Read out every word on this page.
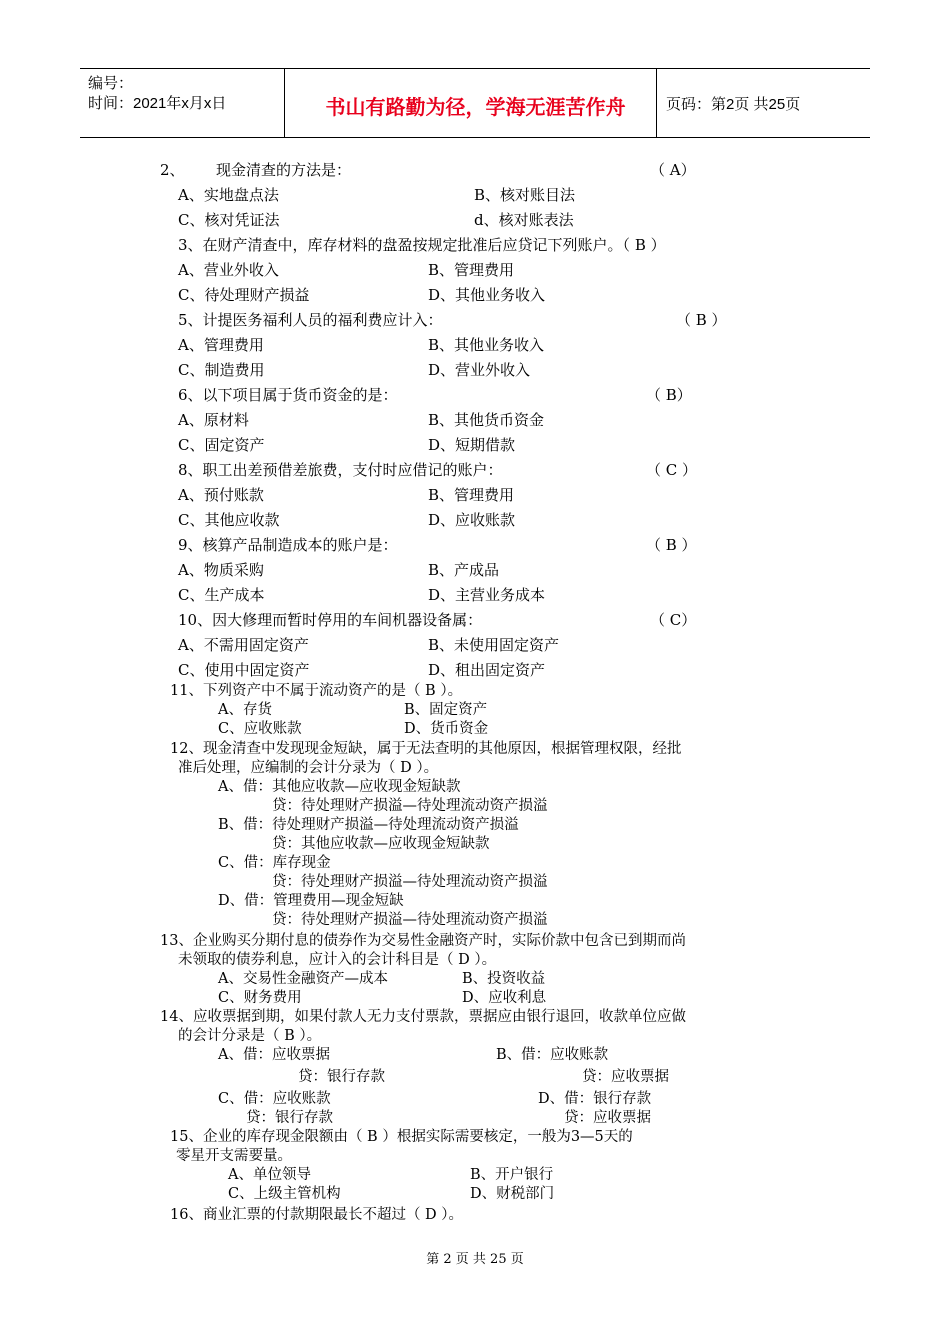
编号：
时间：2021年x月x日	书山有路勤为径，学海无涯苦作舟	页码：第2页 共25页
2、 现金清查的方法是：	（ A）
A、实地盘点法	B、核对账目法
C、核对凭证法	d、核对账表法
3、在财产清查中，库存材料的盘盈按规定批准后应贷记下列账户。（ B ）
A、营业外收入	B、管理费用
C、待处理财产损益	D、其他业务收入
5、计提医务福利人员的福利费应计入：	（ B ）
A、管理费用	B、其他业务收入
C、制造费用	D、营业外收入
6、以下项目属于货币资金的是：	（ B）
A、原材料	B、其他货币资金
C、固定资产	D、短期借款
8、职工出差预借差旅费，支付时应借记的账户：	（ C ）
A、预付账款	B、管理费用
C、其他应收款	D、应收账款
9、核算产品制造成本的账户是：	（ B ）
A、物质采购	B、产成品
C、生产成本	D、主营业务成本
10、因大修理而暂时停用的车间机器设备属：	（ C）
A、不需用固定资产	B、未使用固定资产
C、使用中固定资产	D、租出固定资产
11、下列资产中不属于流动资产的是（ B ）。
A、存货	B、固定资产
C、应收账款	D、货币资金
12、现金清查中发现现金短缺，属于无法查明的其他原因，根据管理权限，经批
准后处理，应编制的会计分录为（ D ）。
A、借：其他应收款—应收现金短缺款
贷：待处理财产损溢—待处理流动资产损溢
B、借：待处理财产损溢—待处理流动资产损溢
贷：其他应收款—应收现金短缺款
C、借：库存现金
贷：待处理财产损溢—待处理流动资产损溢
D、借：管理费用—现金短缺
贷：待处理财产损溢—待处理流动资产损溢
13、企业购买分期付息的债券作为交易性金融资产时，实际价款中包含已到期而尚
未领取的债券利息，应计入的会计科目是（ D ）。
A、交易性金融资产—成本	B、投资收益
C、财务费用	D、应收利息
14、应收票据到期，如果付款人无力支付票款，票据应由银行退回，收款单位应做
的会计分录是（ B ）。
A、借：应收票据	B、借：应收账款
贷：银行存款	贷：应收票据
C、借：应收账款	D、借：银行存款
贷：银行存款	贷：应收票据
15、企业的库存现金限额由（ B ）根据实际需要核定，一般为3—5天的
零星开支需要量。
A、单位领导	B、开户银行
C、上级主管机构	D、财税部门
16、商业汇票的付款期限最长不超过（ D ）。
第 2 页 共 25 页
